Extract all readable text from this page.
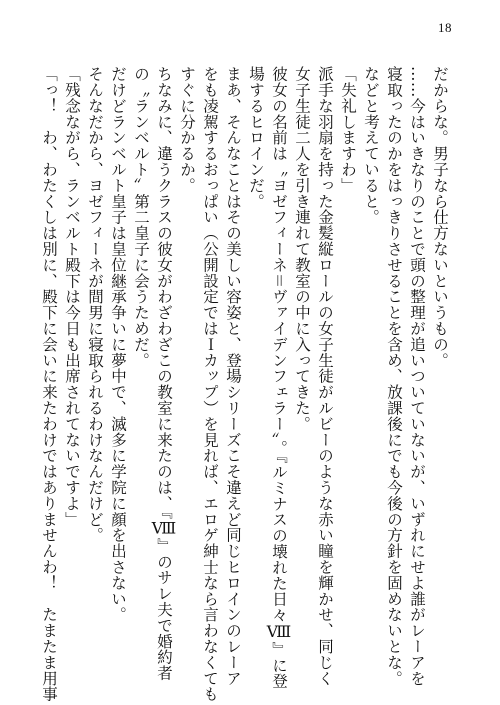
18
だからな。男子なら仕方ないというもの。
……今はいきなりのことで頭の整理が追いついていないが、いずれにせよ誰がレーアを
寝取ったのかをはっきりさせることを含め、放課後にでも今後の方針を固めないとな。
などと考えていると。
「失礼しますわ」
派手な羽扇を持った金髪縦ロールの女子生徒がルビーのような赤い瞳を輝かせ、同じく
女子生徒二人を引き連れて教室の中に入ってきた。
彼女の名前は〝ヨゼフィーネ＝ヴァイデンフェラー〟。『ルミナスの壊れた日々Ⅷ』に登
場するヒロインだ。
まあ、そんなことはその美しい容姿と、登場シリーズこそ違えど同じヒロインのレーア
をも凌駕するおっぱい（公開設定ではＩカップ）を見れば、エロゲ紳士なら言わなくても
すぐに分かるか。
ちなみに、違うクラスの彼女がわざわざこの教室に来たのは、『Ⅷ』のサレ夫で婚約者
の〝ランベルト〟第二皇子に会うためだ。
だけどランベルト皇子は皇位継承争いに夢中で、滅多に学院に顔を出さない。
そんなだから、ヨゼフィーネが間男に寝取られるわけなんだけど。
「残念ながら、ランベルト殿下は今日も出席されてないですよ」
「っ！　わ、わたくしは別に、殿下に会いに来たわけではありませんわ！　たまたま用事
